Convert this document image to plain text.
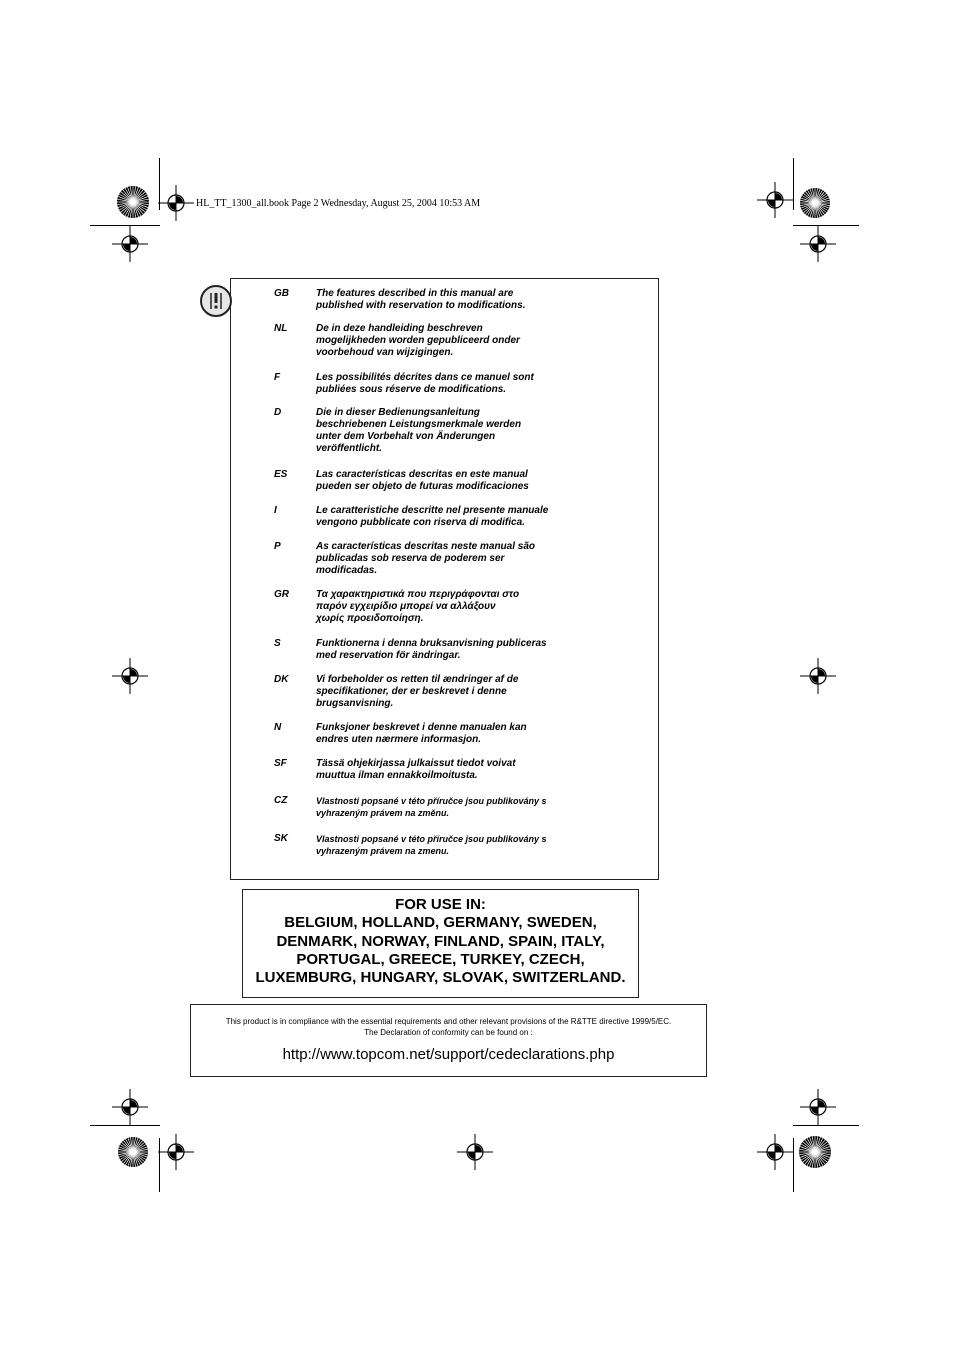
HL_TT_1300_all.book Page 2 Wednesday, August 25, 2004 10:53 AM
GB	The features described in this manual are
published with reservation to modifications.
NL	De in deze handleiding beschreven
mogelijkheden worden gepubliceerd onder
voorbehoud van wijzigingen.
F	Les possibilités décrites dans ce manuel sont
publiées sous réserve de modifications.
D	Die in dieser Bedienungsanleitung
beschriebenen Leistungsmerkmale werden
unter dem Vorbehalt von Änderungen
veröffentlicht.
ES	Las características descritas en este manual
pueden ser objeto de futuras modificaciones
I	Le caratteristiche descritte nel presente manuale
vengono pubblicate con riserva di modifica.
P	As características descritas neste manual são
publicadas sob reserva de poderem ser
modificadas.
GR	Τα χαρακτηριστικά που περιγράφονται στο
παρόν εγχειρίδιο μπορεί να αλλάξουν
χωρίς προειδοποίηση.
S	Funktionerna i denna bruksanvisning publiceras
med reservation för ändringar.
DK	Vi forbeholder os retten til ændringer af de
specifikationer, der er beskrevet i denne
brugsanvisning.
N	Funksjoner beskrevet i denne manualen kan
endres uten nærmere informasjon.
SF	Tässä ohjekirjassa julkaissut tiedot voivat
muuttua ilman ennakkoilmoitusta.
CZ	Vlastnosti popsané v této příručce jsou publikovány s
vyhrazeným právem na změnu.
SK	Vlastnosti popsané v této příručce jsou publikovány s
vyhrazeným právem na zmenu.
FOR USE IN:
BELGIUM, HOLLAND, GERMANY, SWEDEN,
DENMARK, NORWAY, FINLAND, SPAIN, ITALY,
PORTUGAL, GREECE, TURKEY, CZECH,
LUXEMBURG, HUNGARY, SLOVAK, SWITZERLAND.
This product is in compliance with the essential requirements and other relevant provisions of the R&TTE directive 1999/5/EC.
The Declaration of conformity can be found on :
http://www.topcom.net/support/cedeclarations.php
